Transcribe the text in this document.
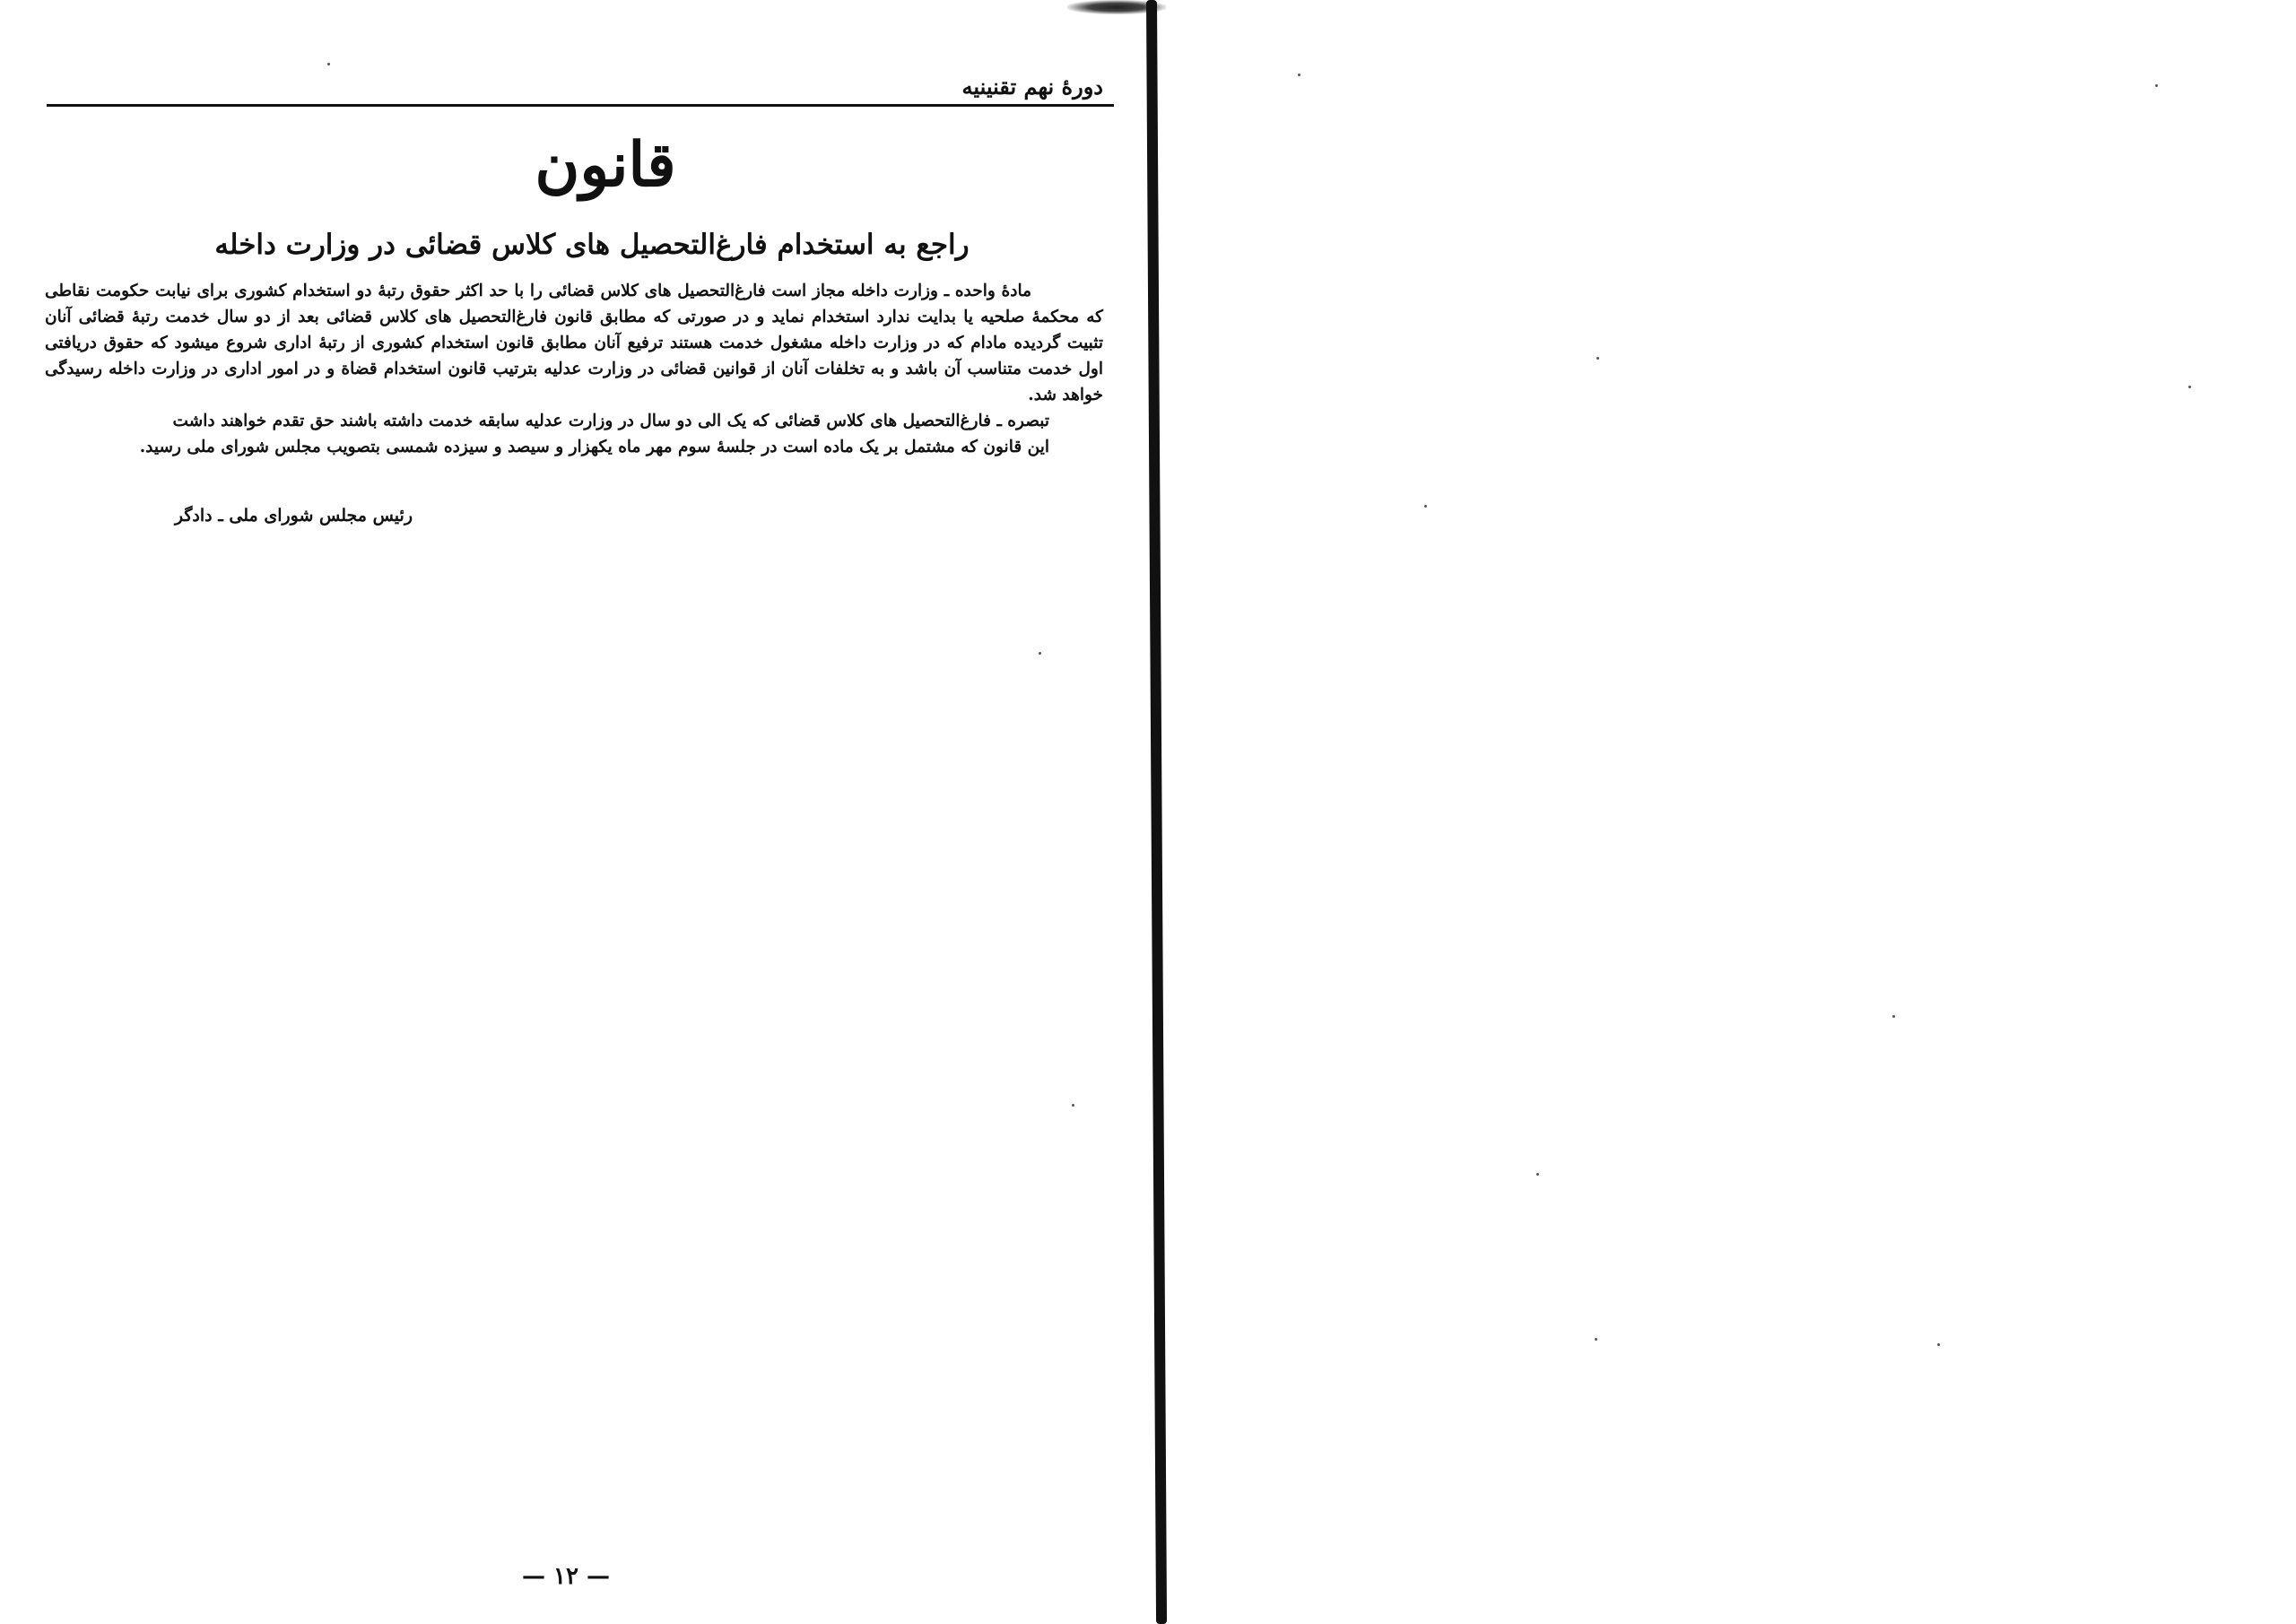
دورهٔ نهم تقنینیه
قانون
راجع به استخدام فارغ‌التحصیل های کلاس قضائی در وزارت داخله

مادهٔ واحده ـ وزارت داخله مجاز است فارغ‌التحصیل های کلاس قضائی را با حد اکثر حقوق رتبهٔ دو استخدام کشوری برای نیابت حکومت نقاطی که محکمهٔ صلحیه یا بدایت ندارد استخدام نماید و در صورتی که مطابق قانون فارغ‌التحصیل های کلاس قضائی بعد از دو سال خدمت رتبهٔ قضائی آنان تثبیت گردیده مادام که در وزارت داخله مشغول خدمت هستند ترفیع آنان مطابق قانون استخدام کشوری از رتبهٔ اداری شروع میشود که حقوق دریافتی اول خدمت متناسب آن باشد و به تخلفات آنان از قوانین قضائی در وزارت عدلیه بترتیب قانون استخدام قضاة و در امور اداری در وزارت داخله رسیدگی خواهد شد.

تبصره ـ فارغ‌التحصیل های کلاس قضائی که یک الی دو سال در وزارت عدلیه سابقه خدمت داشته باشند حق تقدم خواهند داشت

این قانون که مشتمل بر یک ماده است در جلسهٔ سوم مهر ماه یکهزار و سیصد و سیزده شمسی بتصویب مجلس شورای ملی رسید.

رئیس مجلس شورای ملی ـ دادگر
— ۱۲ —
